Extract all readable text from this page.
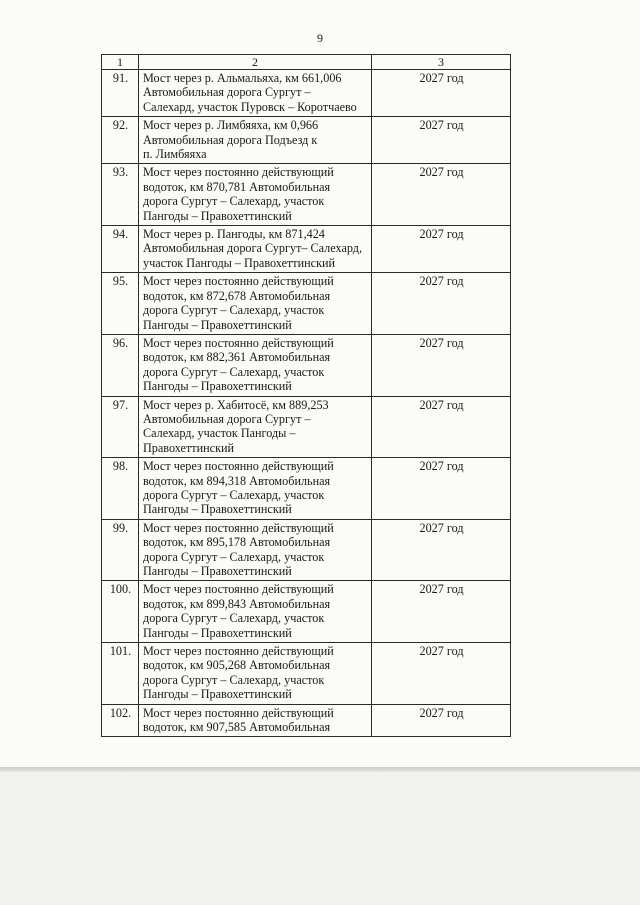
9
1	2	3
91.	Мост через р. Альмальяха, км 661,006
Автомобильная дорога Сургут –
Салехард, участок Пуровск – Коротчаево	2027 год
92.	Мост через р. Лимбяяха, км 0,966
Автомобильная дорога Подъезд к
п. Лимбяяха	2027 год
93.	Мост через постоянно действующий
водоток, км 870,781 Автомобильная
дорога Сургут – Салехард, участок
Пангоды – Правохеттинский	2027 год
94.	Мост через р. Пангоды, км 871,424
Автомобильная дорога Сургут– Салехард,
участок Пангоды – Правохеттинский	2027 год
95.	Мост через постоянно действующий
водоток, км 872,678 Автомобильная
дорога Сургут – Салехард, участок
Пангоды – Правохеттинский	2027 год
96.	Мост через постоянно действующий
водоток, км 882,361 Автомобильная
дорога Сургут – Салехард, участок
Пангоды – Правохеттинский	2027 год
97.	Мост через р. Хабитосё, км 889,253
Автомобильная дорога Сургут –
Салехард, участок Пангоды –
Правохеттинский	2027 год
98.	Мост через постоянно действующий
водоток, км 894,318 Автомобильная
дорога Сургут – Салехард, участок
Пангоды – Правохеттинский	2027 год
99.	Мост через постоянно действующий
водоток, км 895,178 Автомобильная
дорога Сургут – Салехард, участок
Пангоды – Правохеттинский	2027 год
100.	Мост через постоянно действующий
водоток, км 899,843 Автомобильная
дорога Сургут – Салехард, участок
Пангоды – Правохеттинский	2027 год
101.	Мост через постоянно действующий
водоток, км 905,268 Автомобильная
дорога Сургут – Салехард, участок
Пангоды – Правохеттинский	2027 год
102.	Мост через постоянно действующий
водоток, км 907,585 Автомобильная	2027 год
